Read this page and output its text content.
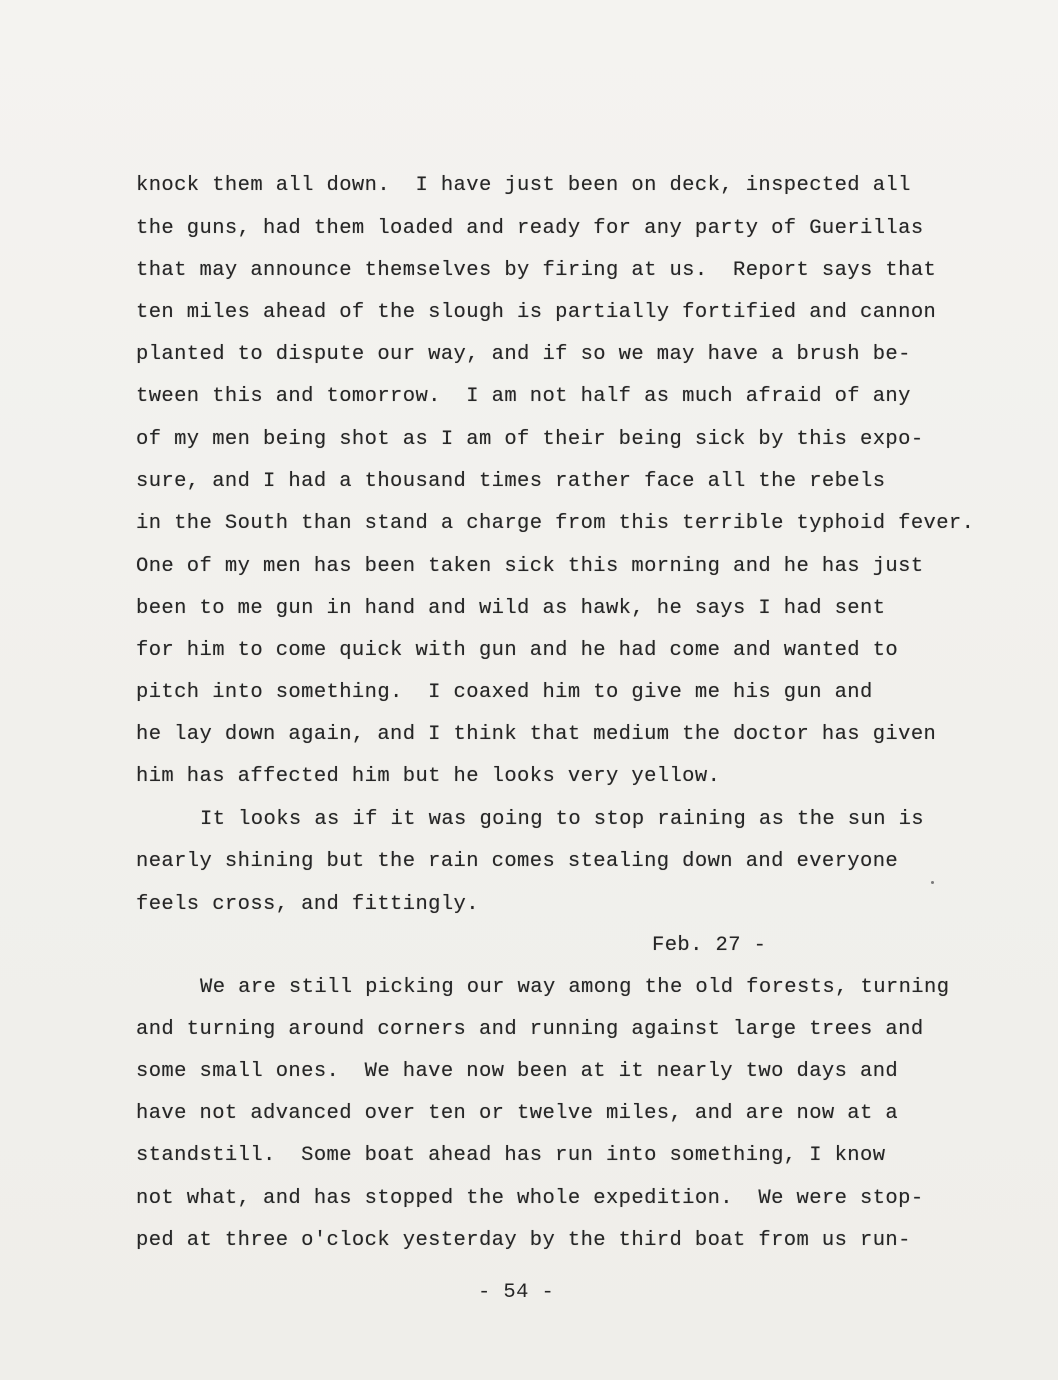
knock them all down.  I have just been on deck, inspected all
the guns, had them loaded and ready for any party of Guerillas
that may announce themselves by firing at us.  Report says that
ten miles ahead of the slough is partially fortified and cannon
planted to dispute our way, and if so we may have a brush be-
tween this and tomorrow.  I am not half as much afraid of any
of my men being shot as I am of their being sick by this expo-
sure, and I had a thousand times rather face all the rebels
in the South than stand a charge from this terrible typhoid fever.
One of my men has been taken sick this morning and he has just
been to me gun in hand and wild as hawk, he says I had sent
for him to come quick with gun and he had come and wanted to
pitch into something.  I coaxed him to give me his gun and
he lay down again, and I think that medium the doctor has given
him has affected him but he looks very yellow.
It looks as if it was going to stop raining as the sun is
nearly shining but the rain comes stealing down and everyone
feels cross, and fittingly.
Feb. 27 -
We are still picking our way among the old forests, turning
and turning around corners and running against large trees and
some small ones.  We have now been at it nearly two days and
have not advanced over ten or twelve miles, and are now at a
standstill.  Some boat ahead has run into something, I know
not what, and has stopped the whole expedition.  We were stop-
ped at three o'clock yesterday by the third boat from us run-
- 54 -
